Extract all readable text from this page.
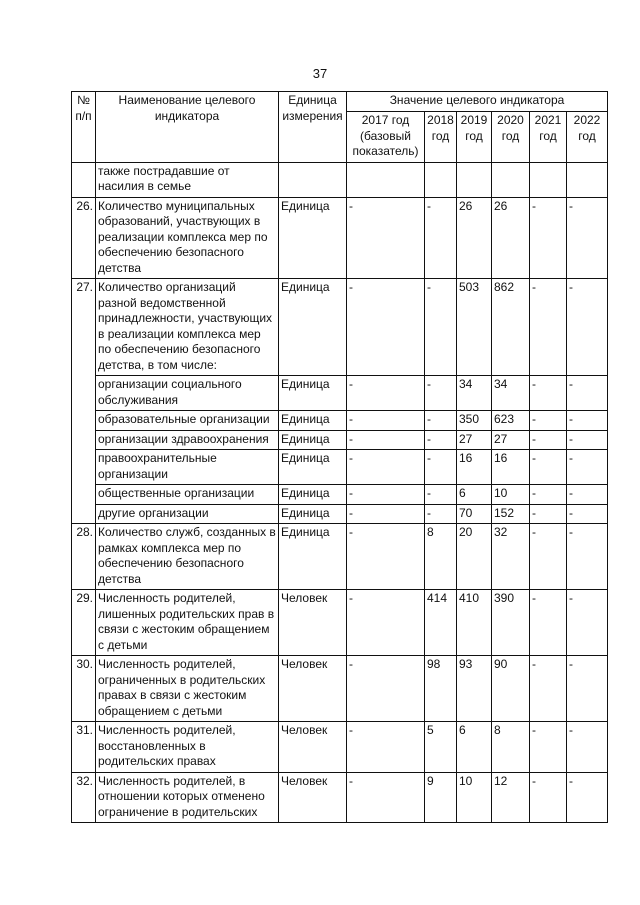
37
№ п/п	Наименование целевого индикатора	Единица измерения	Значение целевого индикатора					
			2017 год (базовый показатель)	2018 год	2019 год	2020 год	2021 год	2022 год
	также пострадавшие от насилия в семье							
26.	Количество муниципальных образований, участвующих в реализации комплекса мер по обеспечению безопасного детства	Единица	-	-	26	26	-	-
27.	Количество организаций разной ведомственной принадлежности, участвующих в реализации комплекса мер по обеспечению безопасного детства, в том числе:	Единица	-	-	503	862	-	-
	организации социального обслуживания	Единица	-	-	34	34	-	-
	образовательные организации	Единица	-	-	350	623	-	-
	организации здравоохранения	Единица	-	-	27	27	-	-
	правоохранительные организации	Единица	-	-	16	16	-	-
	общественные организации	Единица	-	-	6	10	-	-
	другие организации	Единица	-	-	70	152	-	-
28.	Количество служб, созданных в рамках комплекса мер по обеспечению безопасного детства	Единица	-	8	20	32	-	-
29.	Численность родителей, лишенных родительских прав в связи с жестоким обращением с детьми	Человек	-	414	410	390	-	-
30.	Численность родителей, ограниченных в родительских правах в связи с жестоким обращением с детьми	Человек	-	98	93	90	-	-
31.	Численность родителей, восстановленных в родительских правах	Человек	-	5	6	8	-	-
32.	Численность родителей, в отношении которых отменено ограничение в родительских	Человек	-	9	10	12	-	-
